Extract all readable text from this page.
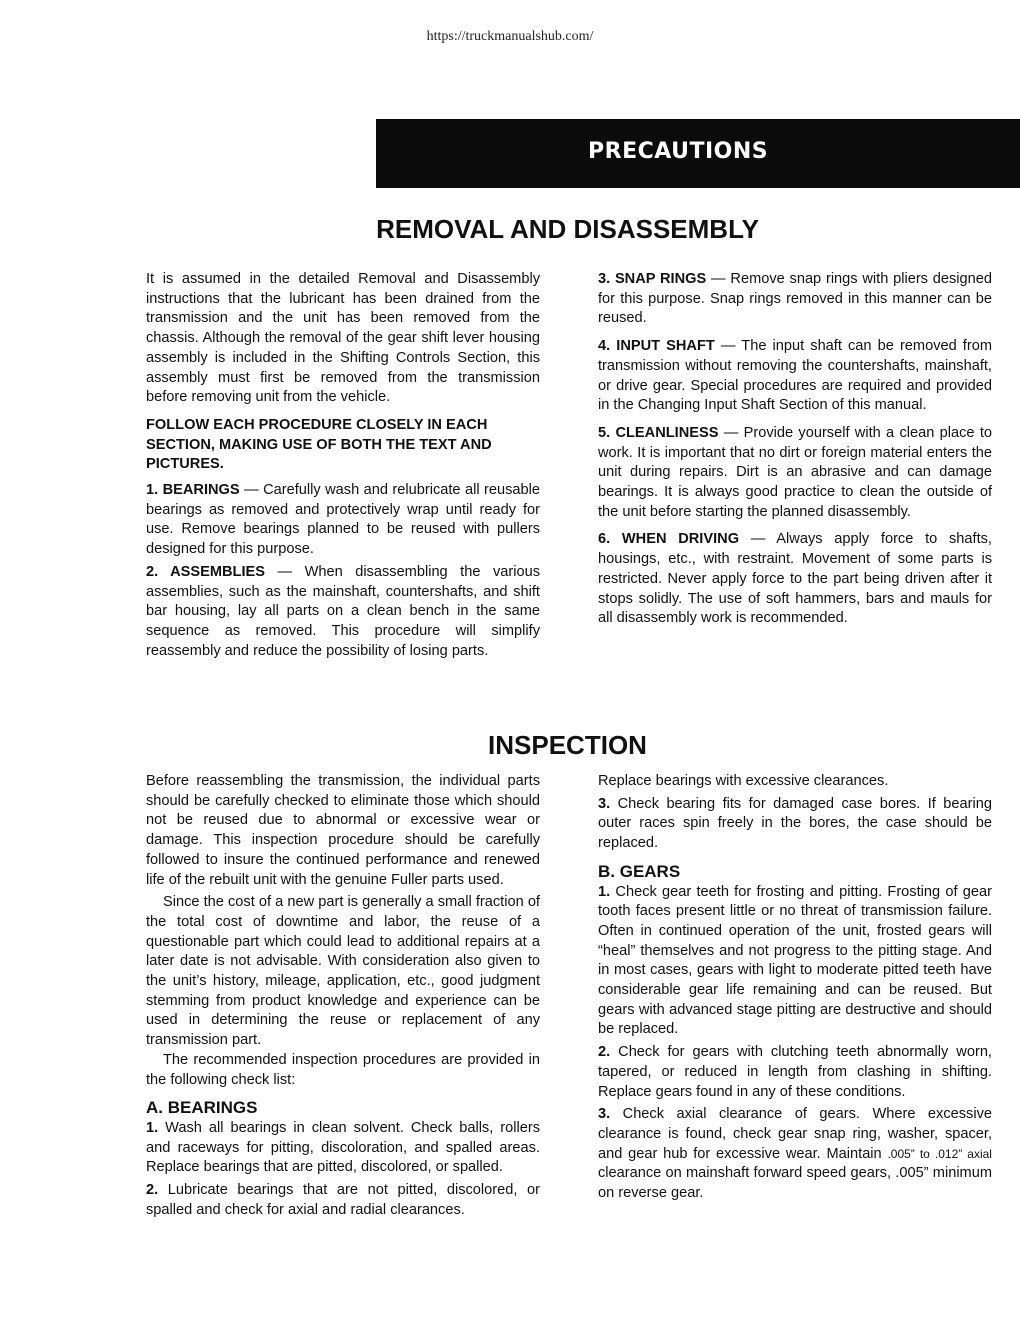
https://truckmanualshub.com/
PRECAUTIONS
REMOVAL AND DISASSEMBLY

It is assumed in the detailed Removal and Disassembly instructions that the lubricant has been drained from the transmission and the unit has been removed from the chassis. Although the removal of the gear shift lever housing assembly is included in the Shifting Controls Section, this assembly must first be removed from the transmission before removing unit from the vehicle.

FOLLOW EACH PROCEDURE CLOSELY IN EACH SECTION, MAKING USE OF BOTH THE TEXT AND PICTURES.

1. BEARINGS — Carefully wash and relubricate all reusable bearings as removed and protectively wrap until ready for use. Remove bearings planned to be reused with pullers designed for this purpose.

2. ASSEMBLIES — When disassembling the various assemblies, such as the mainshaft, countershafts, and shift bar housing, lay all parts on a clean bench in the same sequence as removed. This procedure will simplify reassembly and reduce the possibility of losing parts.

3. SNAP RINGS — Remove snap rings with pliers designed for this purpose. Snap rings removed in this manner can be reused.

4. INPUT SHAFT — The input shaft can be removed from transmission without removing the countershafts, mainshaft, or drive gear. Special procedures are required and provided in the Changing Input Shaft Section of this manual.

5. CLEANLINESS — Provide yourself with a clean place to work. It is important that no dirt or foreign material enters the unit during repairs. Dirt is an abrasive and can damage bearings. It is always good practice to clean the outside of the unit before starting the planned disassembly.

6. WHEN DRIVING — Always apply force to shafts, housings, etc., with restraint. Movement of some parts is restricted. Never apply force to the part being driven after it stops solidly. The use of soft hammers, bars and mauls for all disassembly work is recommended.

INSPECTION

Before reassembling the transmission, the individual parts should be carefully checked to eliminate those which should not be reused due to abnormal or excessive wear or damage. This inspection procedure should be carefully followed to insure the continued performance and renewed life of the rebuilt unit with the genuine Fuller parts used.

Since the cost of a new part is generally a small fraction of the total cost of downtime and labor, the reuse of a questionable part which could lead to additional repairs at a later date is not advisable. With consideration also given to the unit’s history, mileage, application, etc., good judgment stemming from product knowledge and experience can be used in determining the reuse or replacement of any transmission part.

The recommended inspection procedures are provided in the following check list:

A. BEARINGS

1. Wash all bearings in clean solvent. Check balls, rollers and raceways for pitting, discoloration, and spalled areas. Replace bearings that are pitted, discolored, or spalled.

2. Lubricate bearings that are not pitted, discolored, or spalled and check for axial and radial clearances.

Replace bearings with excessive clearances.

3. Check bearing fits for damaged case bores. If bearing outer races spin freely in the bores, the case should be replaced.

B. GEARS

1. Check gear teeth for frosting and pitting. Frosting of gear tooth faces present little or no threat of transmission failure. Often in continued operation of the unit, frosted gears will “heal” themselves and not progress to the pitting stage. And in most cases, gears with light to moderate pitted teeth have considerable gear life remaining and can be reused. But gears with advanced stage pitting are destructive and should be replaced.

2. Check for gears with clutching teeth abnormally worn, tapered, or reduced in length from clashing in shifting. Replace gears found in any of these conditions.

3. Check axial clearance of gears. Where excessive clearance is found, check gear snap ring, washer, spacer, and gear hub for excessive wear. Maintain .005” to .012” axial clearance on mainshaft forward speed gears, .005” minimum on reverse gear.
